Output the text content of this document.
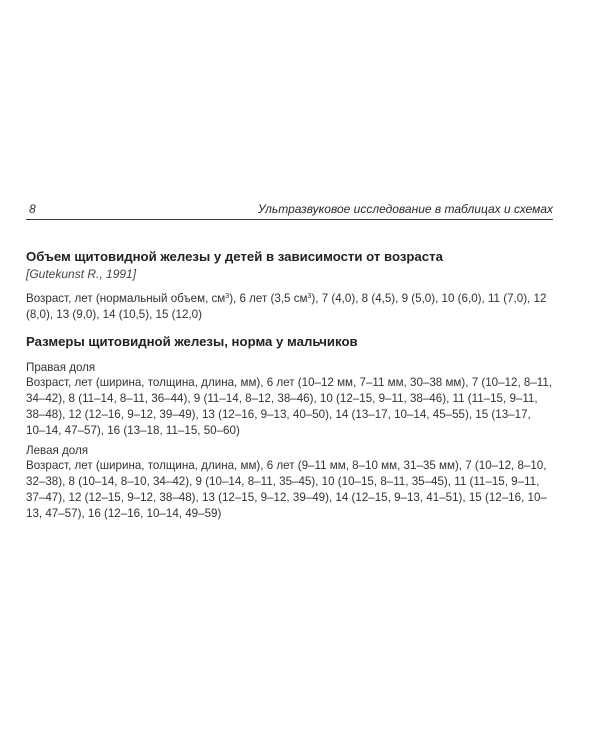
8	Ультразвуковое исследование в таблицах и схемах
Объем щитовидной железы у детей в зависимости от возраста
[Gutekunst R., 1991]

Возраст, лет (нормальный объем, $см^3$), 6 лет (3,5 $см^3$), 7 (4,0), 8 (4,5), 9 (5,0), 10 (6,0), 11 (7,0), 12 (8,0), 13 (9,0), 14 (10,5), 15 (12,0)

Размеры щитовидной железы, норма у мальчиков
Правая доля

Возраст, лет (ширина, толщина, длина, мм), 6 лет (10–12 мм, 7–11 мм, 30–38 мм), 7 (10–12, 8–11, 34–42), 8 (11–14, 8–11, 36–44), 9 (11–14, 8–12, 38–46), 10 (12–15, 9–11, 38–46), 11 (11–15, 9–11, 38–48), 12 (12–16, 9–12, 39–49), 13 (12–16, 9–13, 40–50), 14 (13–17, 10–14, 45–55), 15 (13–17, 10–14, 47–57), 16 (13–18, 11–15, 50–60)

Левая доля

Возраст, лет (ширина, толщина, длина, мм), 6 лет (9–11 мм, 8–10 мм, 31–35 мм), 7 (10–12, 8–10, 32–38), 8 (10–14, 8–10, 34–42), 9 (10–14, 8–11, 35–45), 10 (10–15, 8–11, 35–45), 11 (11–15, 9–11, 37–47), 12 (12–15, 9–12, 38–48), 13 (12–15, 9–12, 39–49), 14 (12–15, 9–13, 41–51), 15 (12–16, 10–13, 47–57), 16 (12–16, 10–14, 49–59)
